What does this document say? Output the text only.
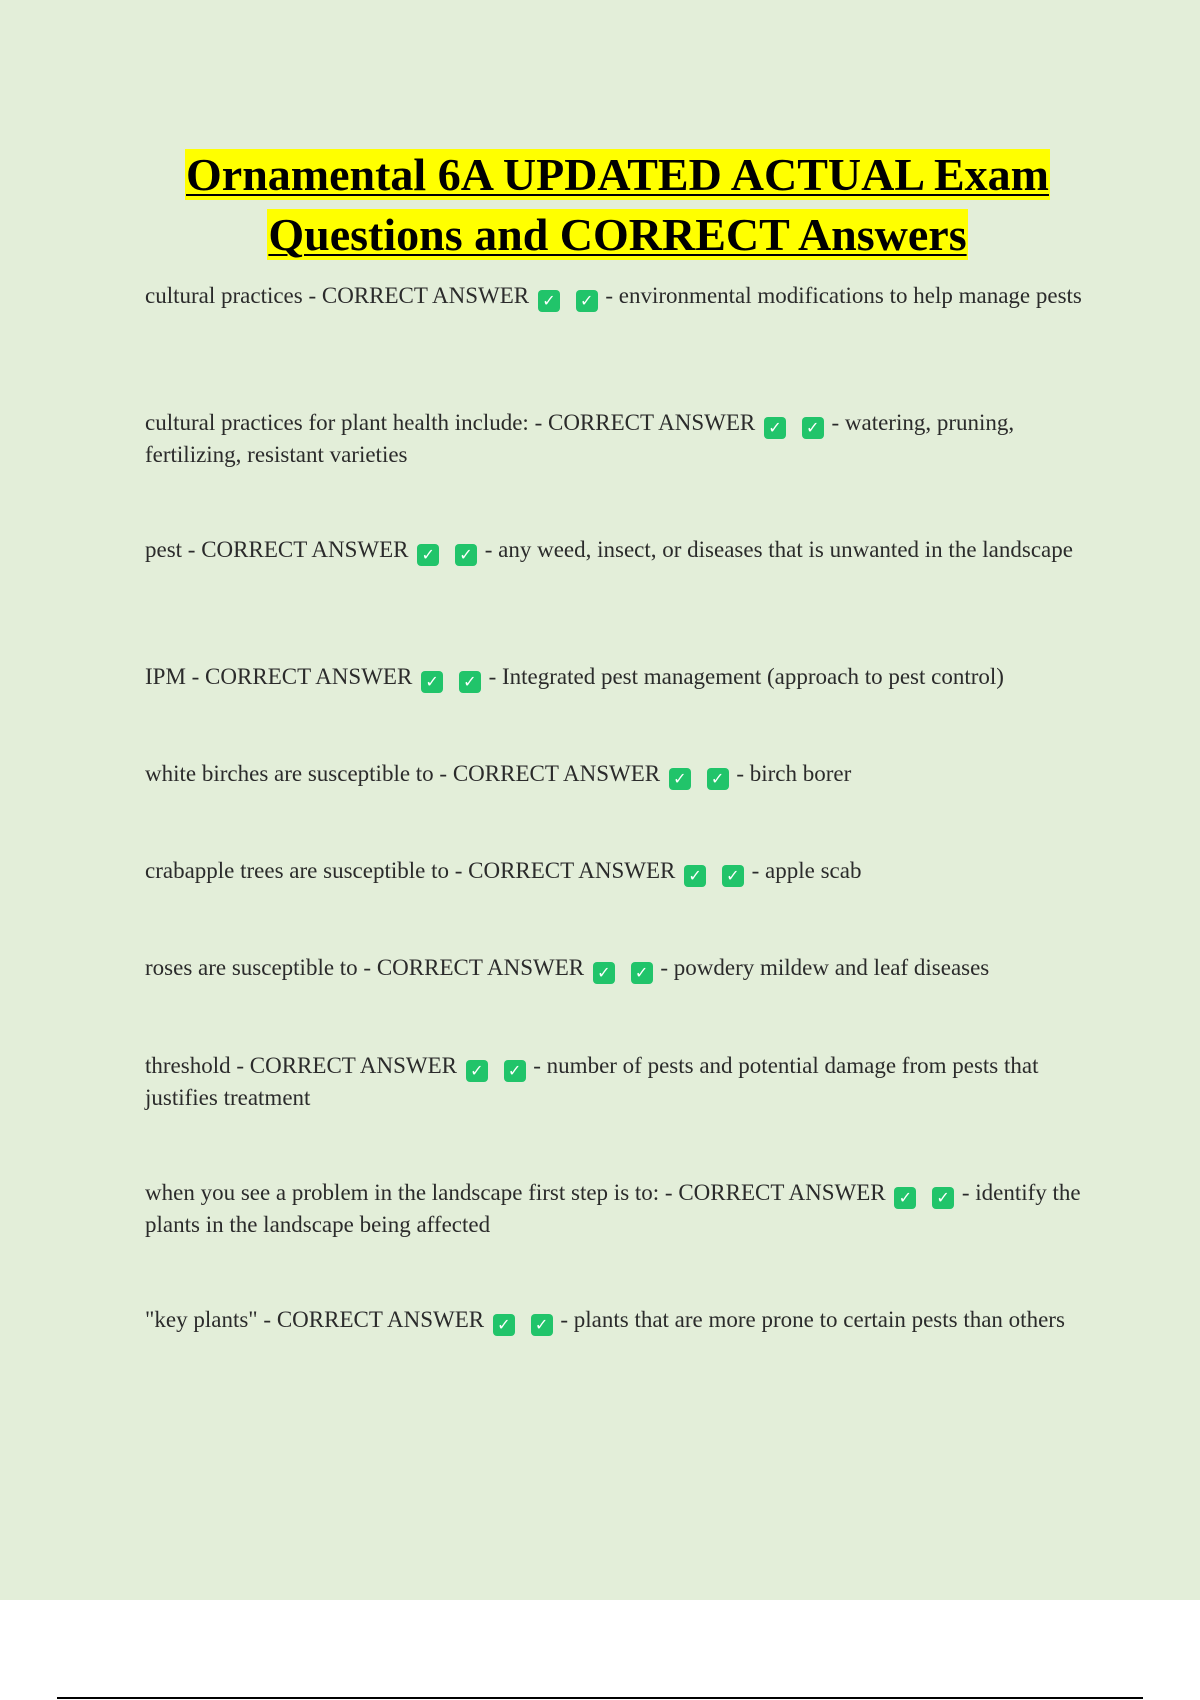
Ornamental 6A UPDATED ACTUAL Exam
Questions and CORRECT Answers

cultural practices - CORRECT ANSWER ✓ ✓ - environmental modifications to help manage pests

cultural practices for plant health include: - CORRECT ANSWER ✓ ✓ - watering, pruning, fertilizing, resistant varieties

pest - CORRECT ANSWER ✓ ✓ - any weed, insect, or diseases that is unwanted in the landscape

IPM - CORRECT ANSWER ✓ ✓ - Integrated pest management (approach to pest control)

white birches are susceptible to - CORRECT ANSWER ✓ ✓ - birch borer

crabapple trees are susceptible to - CORRECT ANSWER ✓ ✓ - apple scab

roses are susceptible to - CORRECT ANSWER ✓ ✓ - powdery mildew and leaf diseases

threshold - CORRECT ANSWER ✓ ✓ - number of pests and potential damage from pests that justifies treatment

when you see a problem in the landscape first step is to: - CORRECT ANSWER ✓ ✓ - identify the plants in the landscape being affected

"key plants" - CORRECT ANSWER ✓ ✓ - plants that are more prone to certain pests than others
